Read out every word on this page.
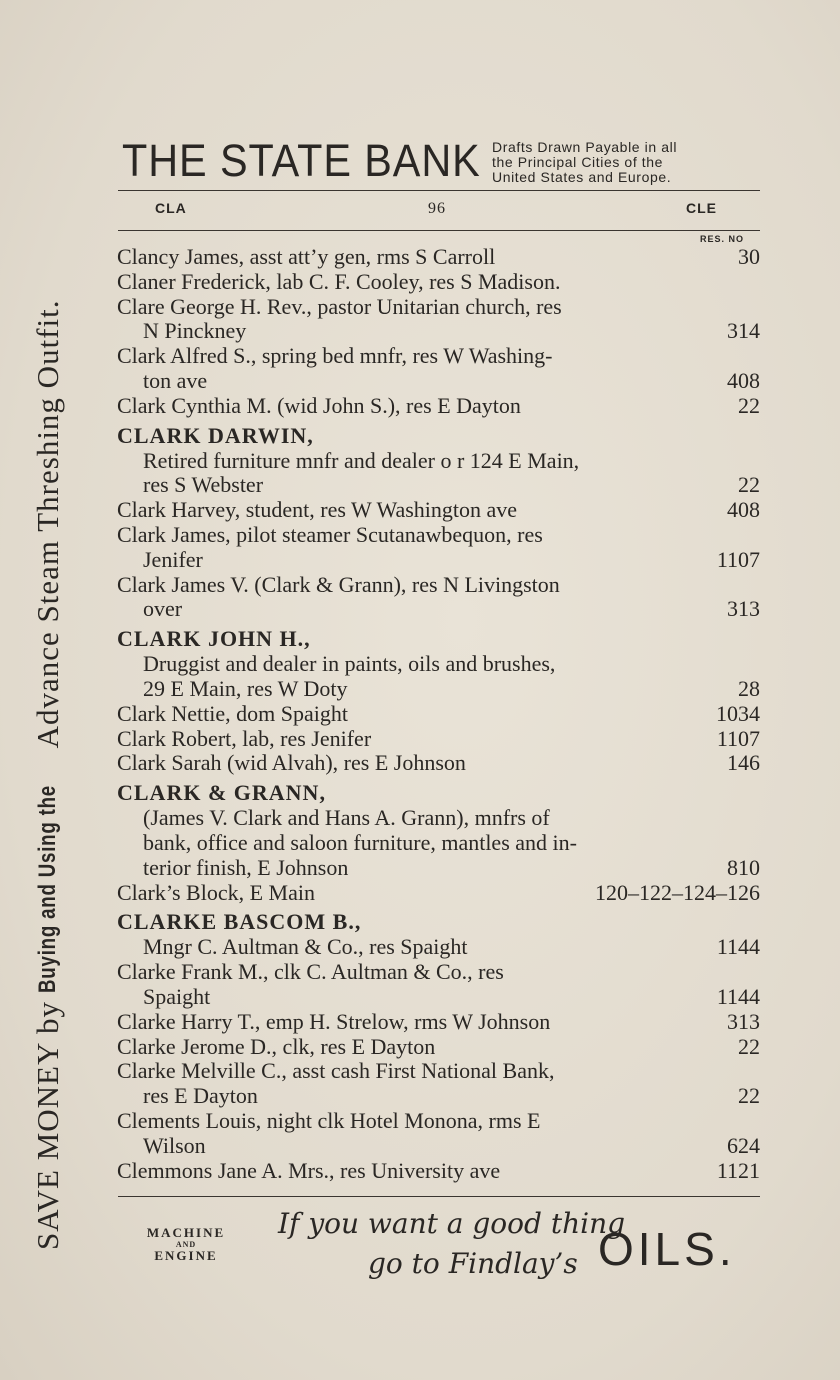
SAVE MONEY by
Buying and Using the
Advance Steam Threshing Outfit.
THE STATE BANK Drafts Drawn Payable in all
the Principal Cities of the
United States and Europe.
CLA	96	CLE
RES. NO
Clancy James, asst att’y gen, rms S Carroll	30
Claner Frederick, lab C. F. Cooley, res S Madison.
Clare George H. Rev., pastor Unitarian church, res
N Pinckney	314
Clark Alfred S., spring bed mnfr, res W Washing-
ton ave	408
Clark Cynthia M. (wid John S.), res E Dayton	22
CLARK DARWIN,
Retired furniture mnfr and dealer o r 124 E Main,
res S Webster	22
Clark Harvey, student, res W Washington ave	408
Clark James, pilot steamer Scutanawbequon, res
Jenifer	1107
Clark James V. (Clark & Grann), res N Livingston
over	313
CLARK JOHN H.,
Druggist and dealer in paints, oils and brushes,
29 E Main, res W Doty	28
Clark Nettie, dom Spaight	1034
Clark Robert, lab, res Jenifer	1107
Clark Sarah (wid Alvah), res E Johnson	146
CLARK & GRANN,
(James V. Clark and Hans A. Grann), mnfrs of
bank, office and saloon furniture, mantles and in-
terior finish, E Johnson	810
Clark’s Block, E Main	120–122–124–126
CLARKE BASCOM B.,
Mngr C. Aultman & Co., res Spaight	1144
Clarke Frank M., clk C. Aultman & Co., res
Spaight	1144
Clarke Harry T., emp H. Strelow, rms W Johnson	313
Clarke Jerome D., clk, res E Dayton	22
Clarke Melville C., asst cash First National Bank,
res E Dayton	22
Clements Louis, night clk Hotel Monona, rms E
Wilson	624
Clemmons Jane A. Mrs., res University ave	1121
MACHINE
AND
ENGINE
If you want a good thing
go to Findlay’s OILS.
